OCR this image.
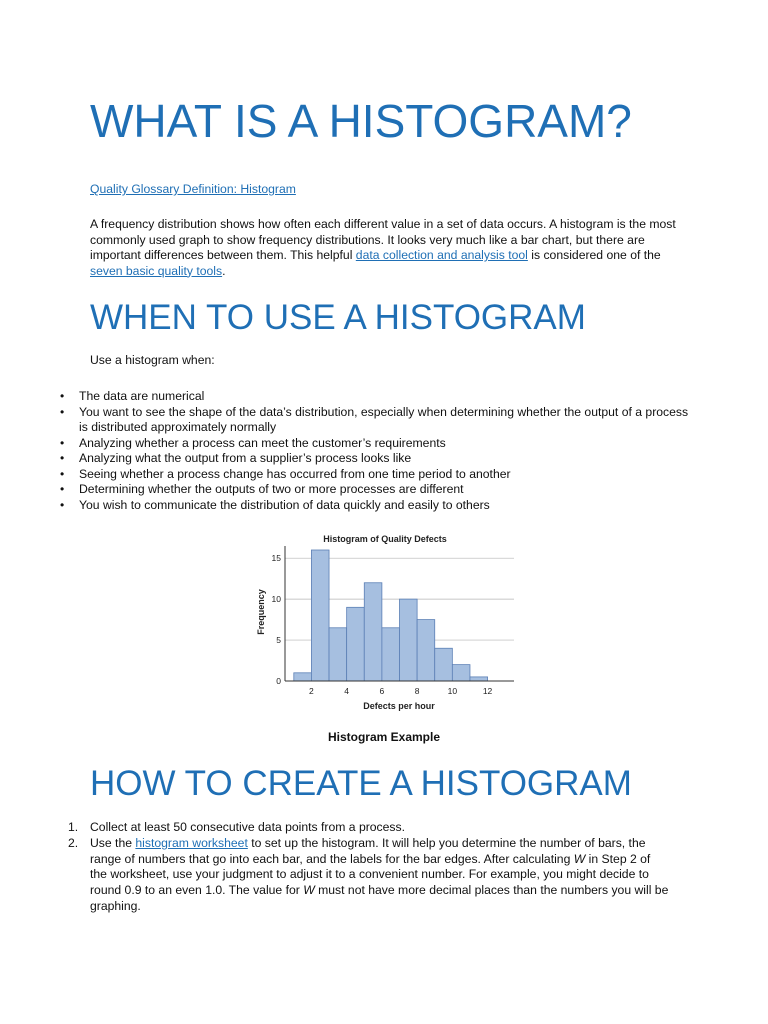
WHAT IS A HISTOGRAM?

Quality Glossary Definition: Histogram

A frequency distribution shows how often each different value in a set of data occurs. A histogram is the most commonly used graph to show frequency distributions. It looks very much like a bar chart, but there are important differences between them. This helpful data collection and analysis tool is considered one of the seven basic quality tools.

WHEN TO USE A HISTOGRAM

Use a histogram when:

• The data are numerical
• You want to see the shape of the data’s distribution, especially when determining whether the output of a process is distributed approximately normally
• Analyzing whether a process can meet the customer’s requirements
• Analyzing what the output from a supplier’s process looks like
• Seeing whether a process change has occurred from one time period to another
• Determining whether the outputs of two or more processes are different
• You wish to communicate the distribution of data quickly and easily to others
Histogram of Quality Defects
Frequency
Defects per hour
0
5
10
15
2	4	6	8	10	12
Histogram Example
HOW TO CREATE A HISTOGRAM
1. Collect at least 50 consecutive data points from a process.
2. Use the histogram worksheet to set up the histogram. It will help you determine the number of bars, the range of numbers that go into each bar, and the labels for the bar edges. After calculating W in Step 2 of the worksheet, use your judgment to adjust it to a convenient number. For example, you might decide to round 0.9 to an even 1.0. The value for W must not have more decimal places than the numbers you will be graphing.
